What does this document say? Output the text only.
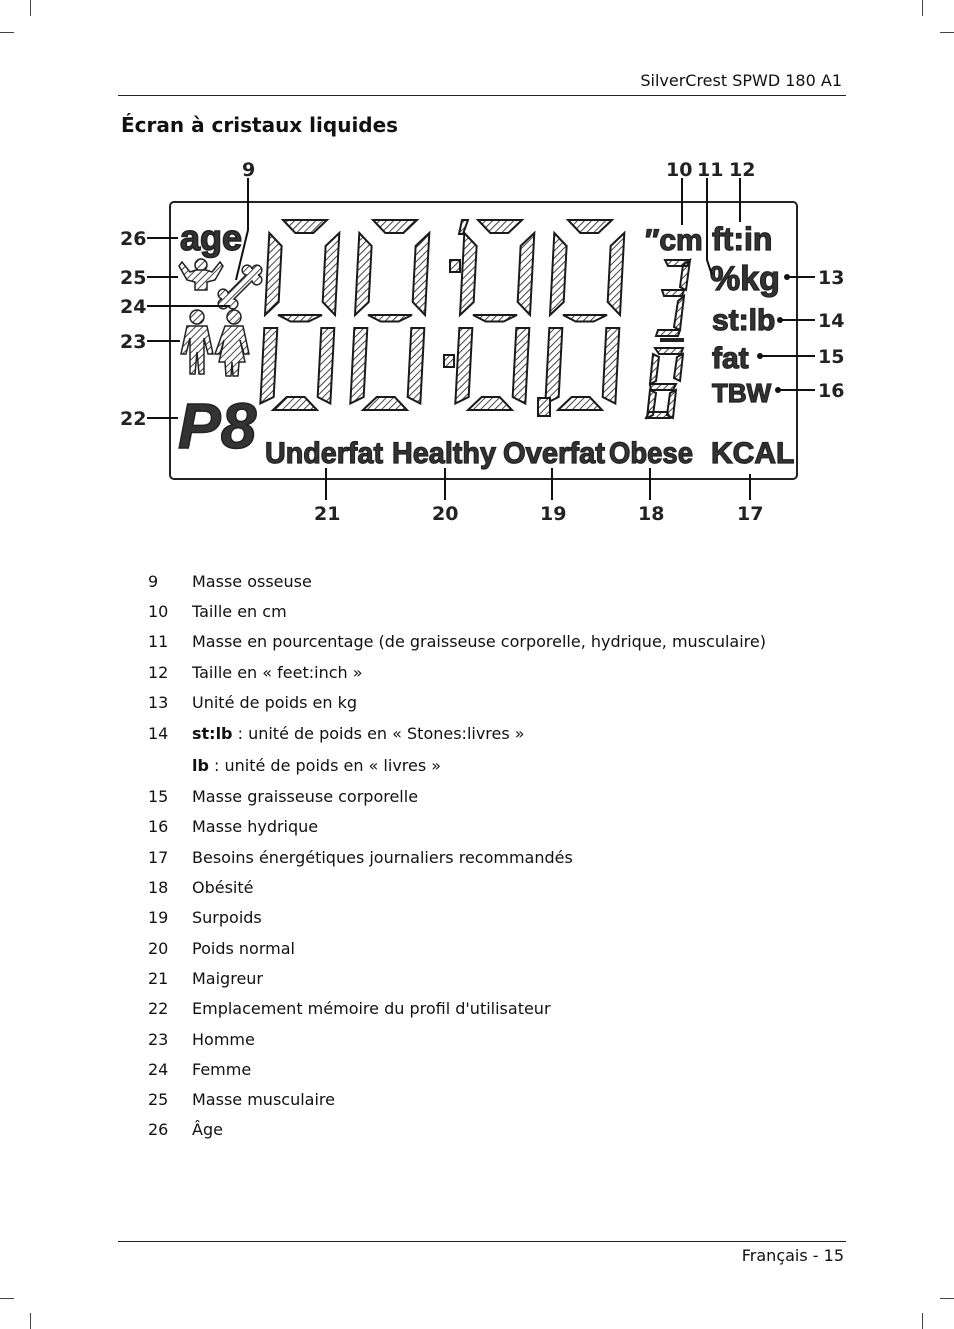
SilverCrest SPWD 180 A1
Écran à cristaux liquides
age
P8
″cm ft:in
%kg
st:lb
fat
TBW
KCAL
Underfat Healthy Overfat Obese
9	10 11 12
13
14
15
16
17
18
19
20
21
22
23
24
25
26
9	Masse osseuse
10	Taille en cm
11	Masse en pourcentage (de graisseuse corporelle, hydrique, musculaire)
12	Taille en « feet:inch »
13	Unité de poids en kg
14	st:lb : unité de poids en « Stones:livres »
lb : unité de poids en « livres »
15	Masse graisseuse corporelle
16	Masse hydrique
17	Besoins énergétiques journaliers recommandés
18	Obésité
19	Surpoids
20	Poids normal
21	Maigreur
22	Emplacement mémoire du profil d'utilisateur
23	Homme
24	Femme
25	Masse musculaire
26	Âge
Français - 15
